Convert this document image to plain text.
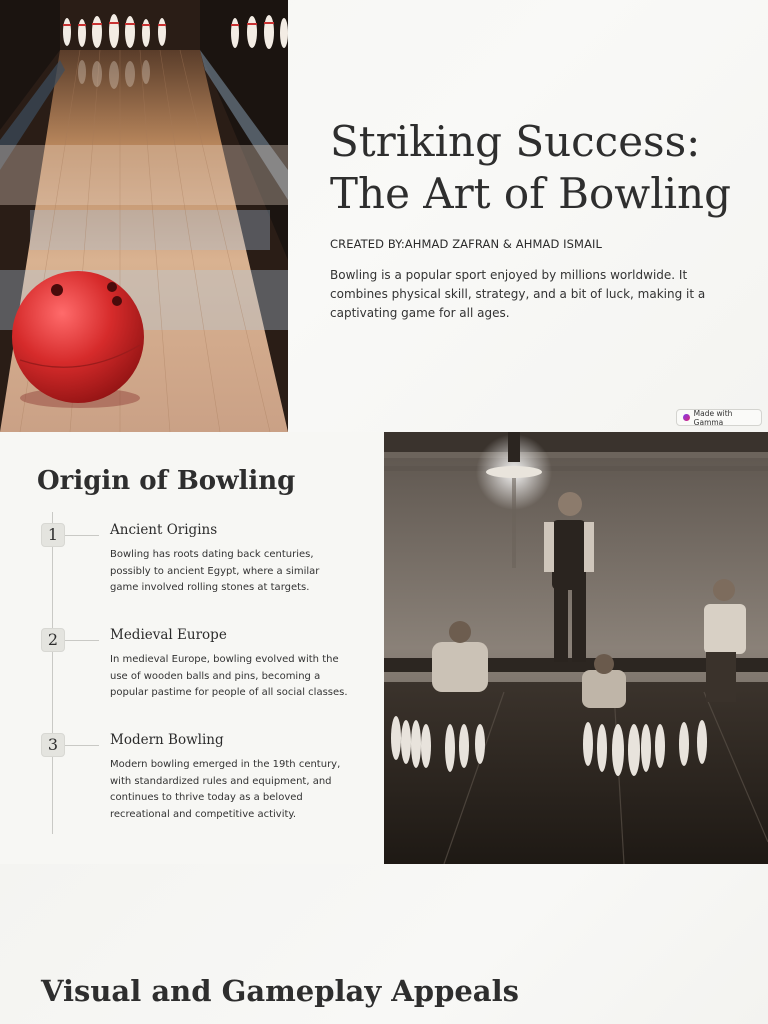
Striking Success:
The Art of Bowling
CREATED BY:AHMAD ZAFRAN & AHMAD ISMAIL

Bowling is a popular sport enjoyed by millions worldwide. It combines physical skill, strategy, and a bit of luck, making it a captivating game for all ages.

Made with Gamma
Origin of Bowling
1	Ancient Origins
Bowling has roots dating back centuries, possibly to ancient Egypt, where a similar game involved rolling stones at targets.
2	Medieval Europe
In medieval Europe, bowling evolved with the use of wooden balls and pins, becoming a popular pastime for people of all social classes.
3	Modern Bowling
Modern bowling emerged in the 19th century, with standardized rules and equipment, and continues to thrive today as a beloved recreational and competitive activity.
Visual and Gameplay Appeals
